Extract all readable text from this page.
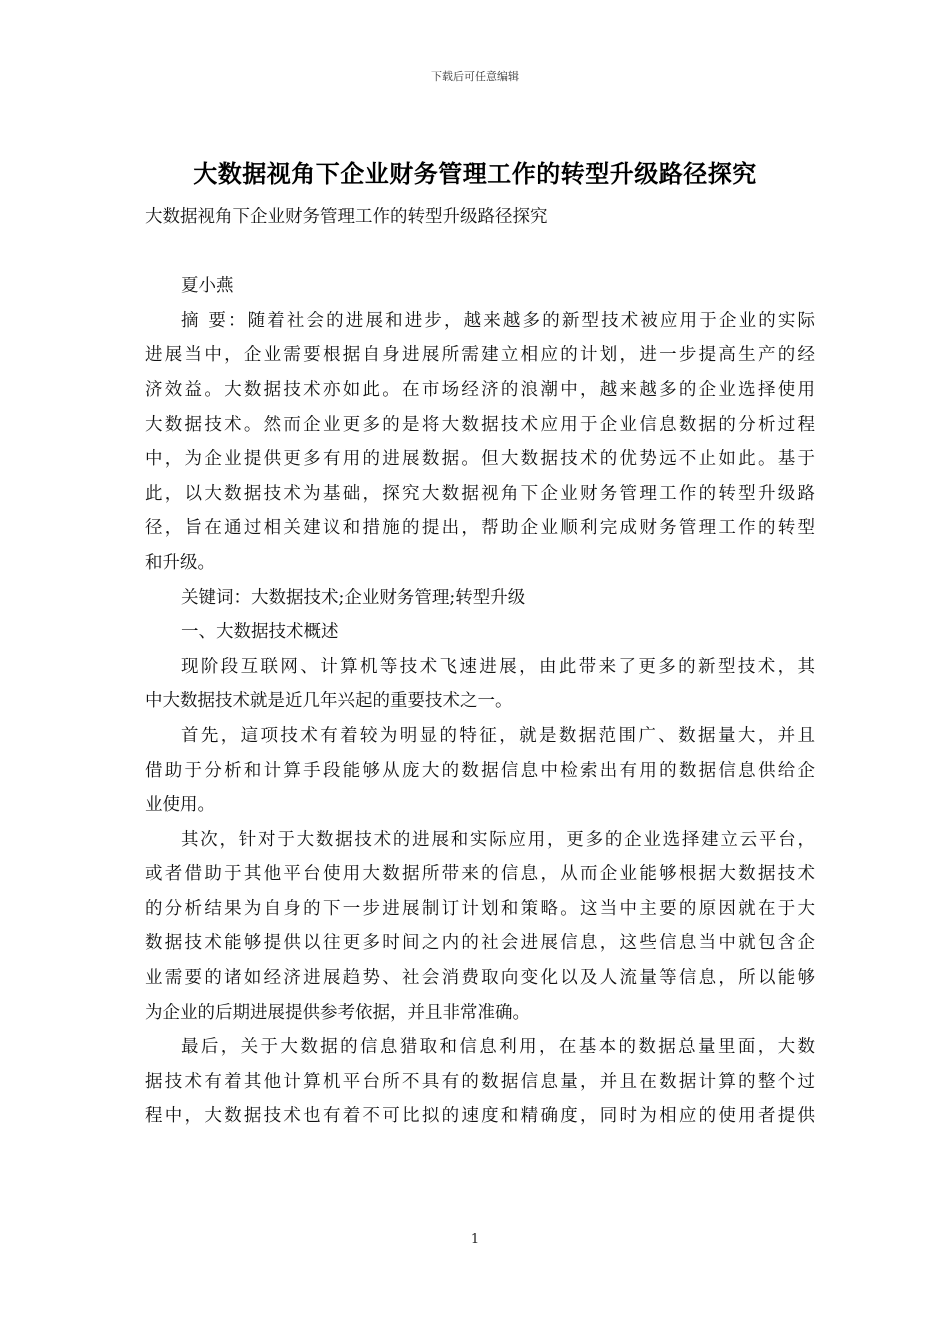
下载后可任意编辑
大数据视角下企业财务管理工作的转型升级路径探究
大数据视角下企业财务管理工作的转型升级路径探究
夏小燕
摘 要：随着社会的进展和进步，越来越多的新型技术被应用于企业的实际
进展当中，企业需要根据自身进展所需建立相应的计划，进一步提高生产的经
济效益。大数据技术亦如此。在市场经济的浪潮中，越来越多的企业选择使用
大数据技术。然而企业更多的是将大数据技术应用于企业信息数据的分析过程
中，为企业提供更多有用的进展数据。但大数据技术的优势远不止如此。基于
此，以大数据技术为基础，探究大数据视角下企业财务管理工作的转型升级路
径，旨在通过相关建议和措施的提出，帮助企业顺利完成财务管理工作的转型
和升级。
关键词：大数据技术;企业财务管理;转型升级
一、大数据技术概述
现阶段互联网、计算机等技术飞速进展，由此带来了更多的新型技术，其
中大数据技术就是近几年兴起的重要技术之一。
首先，這项技术有着较为明显的特征，就是数据范围广、数据量大，并且
借助于分析和计算手段能够从庞大的数据信息中检索出有用的数据信息供给企
业使用。
其次，针对于大数据技术的进展和实际应用，更多的企业选择建立云平台，
或者借助于其他平台使用大数据所带来的信息，从而企业能够根据大数据技术
的分析结果为自身的下一步进展制订计划和策略。这当中主要的原因就在于大
数据技术能够提供以往更多时间之内的社会进展信息，这些信息当中就包含企
业需要的诸如经济进展趋势、社会消费取向变化以及人流量等信息，所以能够
为企业的后期进展提供参考依据，并且非常准确。
最后，关于大数据的信息猎取和信息利用，在基本的数据总量里面，大数
据技术有着其他计算机平台所不具有的数据信息量，并且在数据计算的整个过
程中，大数据技术也有着不可比拟的速度和精确度，同时为相应的使用者提供
1
